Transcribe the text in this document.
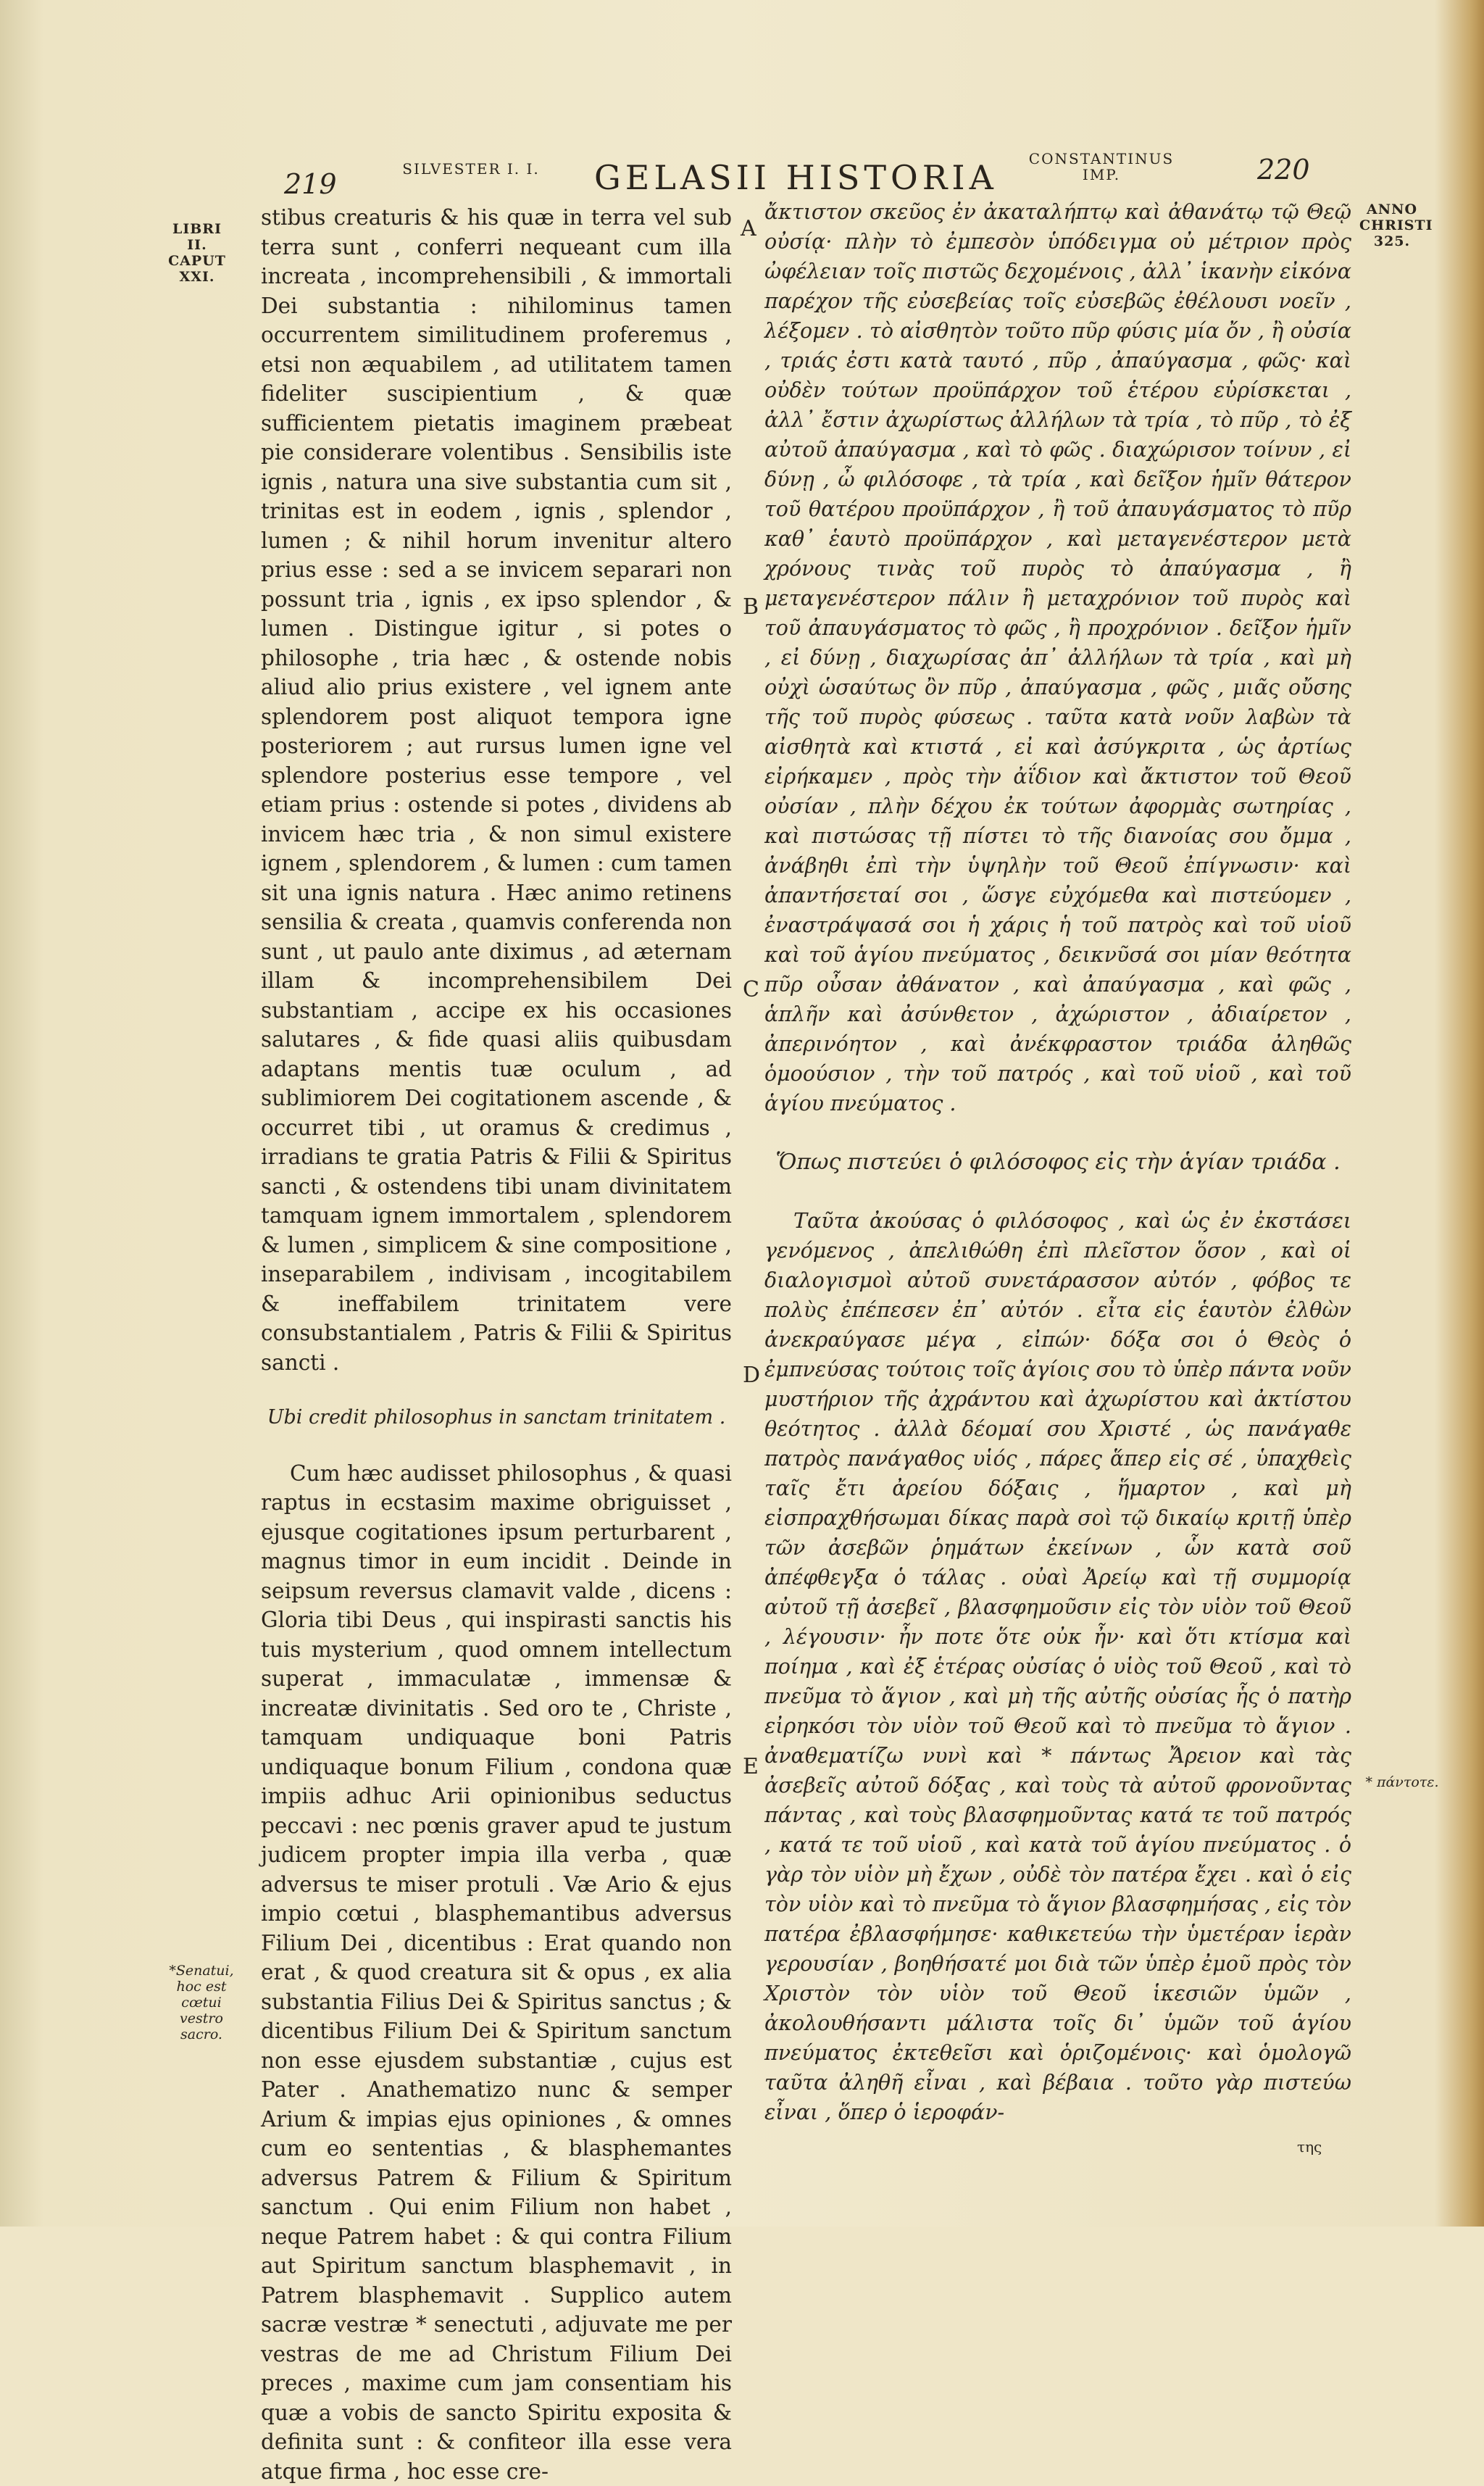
219	SILVESTER I. I. GELASII HISTORIA	CONSTANTINUS IMP.	220
ANNO CHRISTI 325.
LIBRI II. CAPUT XXI.
*Senatui, hoc est cœtui vestro sacro.
A
B
C
D
E
* πάντοτε.

stibus creaturis & his quæ in terra vel sub terra sunt , conferri nequeant cum illa increata , incomprehensibili , & immortali Dei substantia : nihilominus tamen occurrentem similitudinem proferemus , etsi non æquabilem , ad utilitatem tamen fideliter suscipientium , & quæ sufficientem pietatis imaginem præbeat pie considerare volentibus . Sensibilis iste ignis , natura una sive substantia cum sit , trinitas est in eodem , ignis , splendor , lumen ; & nihil horum invenitur altero prius esse : sed a se invicem separari non possunt tria , ignis , ex ipso splendor , & lumen . Distingue igitur , si potes o philosophe , tria hæc , & ostende nobis aliud alio prius existere , vel ignem ante splendorem post aliquot tempora igne posteriorem ; aut rursus lumen igne vel splendore posterius esse tempore , vel etiam prius : ostende si potes , dividens ab invicem hæc tria , & non simul existere ignem , splendorem , & lumen : cum tamen sit una ignis natura . Hæc animo retinens sensilia & creata , quamvis conferenda non sunt , ut paulo ante diximus , ad æternam illam & incomprehensibilem Dei substantiam , accipe ex his occasiones salutares , & fide quasi aliis quibusdam adaptans mentis tuæ oculum , ad sublimiorem Dei cogitationem ascende , & occurret tibi , ut oramus & credimus , irradians te gratia Patris & Filii & Spiritus sancti , & ostendens tibi unam divinitatem tamquam ignem immortalem , splendorem & lumen , simplicem & sine compositione , inseparabilem , indivisam , incogitabilem & ineffabilem trinitatem vere consubstantialem , Patris & Filii & Spiritus sancti .

Ubi credit philosophus in sanctam trinitatem .

Cum hæc audisset philosophus , & quasi raptus in ecstasim maxime obriguisset , ejusque cogitationes ipsum perturbarent , magnus timor in eum incidit . Deinde in seipsum reversus clamavit valde , dicens : Gloria tibi Deus , qui inspirasti sanctis his tuis mysterium , quod omnem intellectum superat , immaculatæ , immensæ & increatæ divinitatis . Sed oro te , Christe , tamquam undiquaque boni Patris undiquaque bonum Filium , condona quæ impiis adhuc Arii opinionibus seductus peccavi : nec pœnis graver apud te justum judicem propter impia illa verba , quæ adversus te miser protuli . Væ Ario & ejus impio cœtui , blasphemantibus adversus Filium Dei , dicentibus : Erat quando non erat , & quod creatura sit & opus , ex alia substantia Filius Dei & Spiritus sanctus ; & dicentibus Filium Dei & Spiritum sanctum non esse ejusdem substantiæ , cujus est Pater . Anathematizo nunc & semper Arium & impias ejus opiniones , & omnes cum eo sententias , & blasphemantes adversus Patrem & Filium & Spiritum sanctum . Qui enim Filium non habet , neque Patrem habet : & qui contra Filium aut Spiritum sanctum blasphemavit , in Patrem blasphemavit . Supplico autem sacræ vestræ * senectuti , adjuvate me per vestras de me ad Christum Filium Dei preces , maxime cum jam consentiam his quæ a vobis de sancto Spiritu exposita & definita sunt : & confiteor illa esse vera atque firma , hoc esse cre-

ἄκτιστον σκεῦος ἐν ἀκαταλήπτῳ καὶ ἀθανάτῳ τῷ Θεῷ οὐσίᾳ· πλὴν τὸ ἐμπεσὸν ὑπόδειγμα οὐ μέτριον πρὸς ὠφέλειαν τοῖς πιστῶς δεχομένοις , ἀλλ᾽ ἱκανὴν εἰκόνα παρέχον τῆς εὐσεβείας τοῖς εὐσεβῶς ἐθέλουσι νοεῖν , λέξομεν . τὸ αἰσθητὸν τοῦτο πῦρ φύσις μία ὄν , ἢ οὐσία , τριάς ἐστι κατὰ ταυτό , πῦρ , ἀπαύγασμα , φῶς· καὶ οὐδὲν τούτων προϋπάρχον τοῦ ἑτέρου εὑρίσκεται , ἀλλ᾽ ἔστιν ἀχωρίστως ἀλλήλων τὰ τρία , τὸ πῦρ , τὸ ἐξ αὐτοῦ ἀπαύγασμα , καὶ τὸ φῶς . διαχώρισον τοίνυν , εἰ δύνῃ , ὦ φιλόσοφε , τὰ τρία , καὶ δεῖξον ἡμῖν θάτερον τοῦ θατέρου προϋπάρχον , ἢ τοῦ ἀπαυγάσματος τὸ πῦρ καθ᾽ ἑαυτὸ προϋπάρχον , καὶ μεταγενέστερον μετὰ χρόνους τινὰς τοῦ πυρὸς τὸ ἀπαύγασμα , ἢ μεταγενέστερον πάλιν ἢ μεταχρόνιον τοῦ πυρὸς καὶ τοῦ ἀπαυγάσματος τὸ φῶς , ἢ προχρόνιον . δεῖξον ἡμῖν , εἰ δύνῃ , διαχωρίσας ἀπ᾽ ἀλλήλων τὰ τρία , καὶ μὴ οὐχὶ ὡσαύτως ὂν πῦρ , ἀπαύγασμα , φῶς , μιᾶς οὔσης τῆς τοῦ πυρὸς φύσεως . ταῦτα κατὰ νοῦν λαβὼν τὰ αἰσθητὰ καὶ κτιστά , εἰ καὶ ἀσύγκριτα , ὡς ἀρτίως εἰρήκαμεν , πρὸς τὴν ἀΐδιον καὶ ἄκτιστον τοῦ Θεοῦ οὐσίαν , πλὴν δέχου ἐκ τούτων ἀφορμὰς σωτηρίας , καὶ πιστώσας τῇ πίστει τὸ τῆς διανοίας σου ὄμμα , ἀνάβηθι ἐπὶ τὴν ὑψηλὴν τοῦ Θεοῦ ἐπίγνωσιν· καὶ ἀπαντήσεταί σοι , ὥσγε εὐχόμεθα καὶ πιστεύομεν , ἐναστράψασά σοι ἡ χάρις ἡ τοῦ πατρὸς καὶ τοῦ υἱοῦ καὶ τοῦ ἁγίου πνεύματος , δεικνῦσά σοι μίαν θεότητα πῦρ οὖσαν ἀθάνατον , καὶ ἀπαύγασμα , καὶ φῶς , ἁπλῆν καὶ ἀσύνθετον , ἀχώριστον , ἀδιαίρετον , ἀπερινόητον , καὶ ἀνέκφραστον τριάδα ἀληθῶς ὁμοούσιον , τὴν τοῦ πατρός , καὶ τοῦ υἱοῦ , καὶ τοῦ ἁγίου πνεύματος .

Ὅπως πιστεύει ὁ φιλόσοφος εἰς τὴν ἁγίαν τριάδα .

Ταῦτα ἀκούσας ὁ φιλόσοφος , καὶ ὡς ἐν ἐκστάσει γενόμενος , ἀπελιθώθη ἐπὶ πλεῖστον ὅσον , καὶ οἱ διαλογισμοὶ αὐτοῦ συνετάρασσον αὐτόν , φόβος τε πολὺς ἐπέπεσεν ἐπ᾽ αὐτόν . εἶτα εἰς ἑαυτὸν ἐλθὼν ἀνεκραύγασε μέγα , εἰπών· δόξα σοι ὁ Θεὸς ὁ ἐμπνεύσας τούτοις τοῖς ἁγίοις σου τὸ ὑπὲρ πάντα νοῦν μυστήριον τῆς ἀχράντου καὶ ἀχωρίστου καὶ ἀκτίστου θεότητος . ἀλλὰ δέομαί σου Χριστέ , ὡς πανάγαθε πατρὸς πανάγαθος υἱός , πάρες ἅπερ εἰς σέ , ὑπαχθεὶς ταῖς ἔτι ἀρείου δόξαις , ἥμαρτον , καὶ μὴ εἰσπραχθήσωμαι δίκας παρὰ σοὶ τῷ δικαίῳ κριτῇ ὑπὲρ τῶν ἀσεβῶν ῥημάτων ἐκείνων , ὧν κατὰ σοῦ ἀπέφθεγξα ὁ τάλας . οὐαὶ Ἀρείῳ καὶ τῇ συμμορίᾳ αὐτοῦ τῇ ἀσεβεῖ , βλασφημοῦσιν εἰς τὸν υἱὸν τοῦ Θεοῦ , λέγουσιν· ἦν ποτε ὅτε οὐκ ἦν· καὶ ὅτι κτίσμα καὶ ποίημα , καὶ ἐξ ἑτέρας οὐσίας ὁ υἱὸς τοῦ Θεοῦ , καὶ τὸ πνεῦμα τὸ ἅγιον , καὶ μὴ τῆς αὐτῆς οὐσίας ἧς ὁ πατὴρ εἰρηκόσι τὸν υἱὸν τοῦ Θεοῦ καὶ τὸ πνεῦμα τὸ ἅγιον . ἀναθεματίζω νυνὶ καὶ * πάντως Ἄρειον καὶ τὰς ἀσεβεῖς αὐτοῦ δόξας , καὶ τοὺς τὰ αὐτοῦ φρονοῦντας πάντας , καὶ τοὺς βλασφημοῦντας κατά τε τοῦ πατρός , κατά τε τοῦ υἱοῦ , καὶ κατὰ τοῦ ἁγίου πνεύματος . ὁ γὰρ τὸν υἱὸν μὴ ἔχων , οὐδὲ τὸν πατέρα ἔχει . καὶ ὁ εἰς τὸν υἱὸν καὶ τὸ πνεῦμα τὸ ἅγιον βλασφημήσας , εἰς τὸν πατέρα ἐβλασφήμησε· καθικετεύω τὴν ὑμετέραν ἱερὰν γερουσίαν , βοηθήσατέ μοι διὰ τῶν ὑπὲρ ἐμοῦ πρὸς τὸν Χριστὸν τὸν υἱὸν τοῦ Θεοῦ ἱκεσιῶν ὑμῶν , ἀκολουθήσαντι μάλιστα τοῖς δι᾽ ὑμῶν τοῦ ἁγίου πνεύματος ἐκτεθεῖσι καὶ ὁριζομένοις· καὶ ὁμολογῶ ταῦτα ἀληθῆ εἶναι , καὶ βέβαια . τοῦτο γὰρ πιστεύω εἶναι , ὅπερ ὁ ἱεροφάν-

της
